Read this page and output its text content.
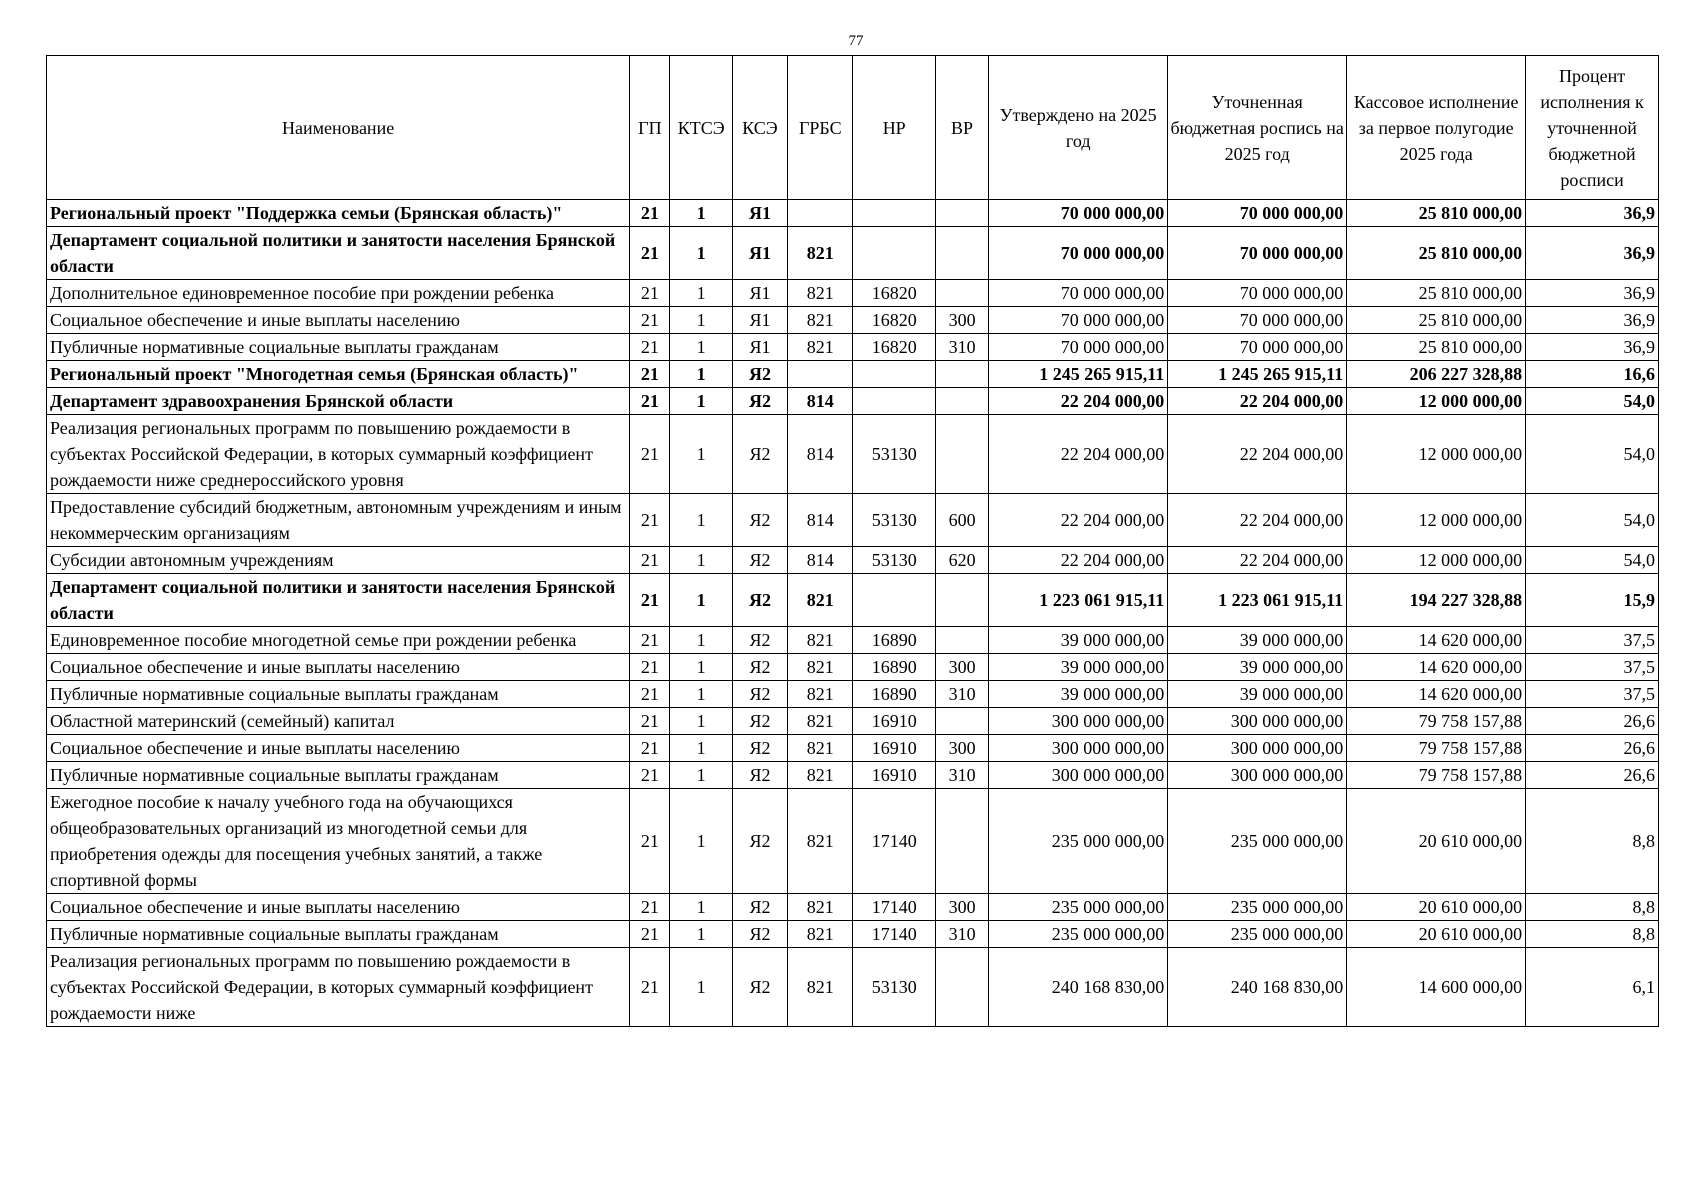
77
Наименование	ГП	КТСЭ	КСЭ	ГРБС	НР	ВР	Утверждено на 2025 год	Уточненная бюджетная роспись на 2025 год	Кассовое исполнение за первое полугодие 2025 года	Процент исполнения к уточненной бюджетной росписи
Региональный проект "Поддержка семьи (Брянская область)"	21	1	Я1				70 000 000,00	70 000 000,00	25 810 000,00	36,9
Департамент социальной политики и занятости населения Брянской области	21	1	Я1	821			70 000 000,00	70 000 000,00	25 810 000,00	36,9
Дополнительное единовременное пособие при рождении ребенка	21	1	Я1	821	16820		70 000 000,00	70 000 000,00	25 810 000,00	36,9
Социальное обеспечение и иные выплаты населению	21	1	Я1	821	16820	300	70 000 000,00	70 000 000,00	25 810 000,00	36,9
Публичные нормативные социальные выплаты гражданам	21	1	Я1	821	16820	310	70 000 000,00	70 000 000,00	25 810 000,00	36,9
Региональный проект "Многодетная семья (Брянская область)"	21	1	Я2				1 245 265 915,11	1 245 265 915,11	206 227 328,88	16,6
Департамент здравоохранения Брянской области	21	1	Я2	814			22 204 000,00	22 204 000,00	12 000 000,00	54,0
Реализация региональных программ по повышению рождаемости в субъектах Российской Федерации, в которых суммарный коэффициент рождаемости ниже среднероссийского уровня	21	1	Я2	814	53130		22 204 000,00	22 204 000,00	12 000 000,00	54,0
Предоставление субсидий бюджетным, автономным учреждениям и иным некоммерческим организациям	21	1	Я2	814	53130	600	22 204 000,00	22 204 000,00	12 000 000,00	54,0
Субсидии автономным учреждениям	21	1	Я2	814	53130	620	22 204 000,00	22 204 000,00	12 000 000,00	54,0
Департамент социальной политики и занятости населения Брянской области	21	1	Я2	821			1 223 061 915,11	1 223 061 915,11	194 227 328,88	15,9
Единовременное пособие многодетной семье при рождении ребенка	21	1	Я2	821	16890		39 000 000,00	39 000 000,00	14 620 000,00	37,5
Социальное обеспечение и иные выплаты населению	21	1	Я2	821	16890	300	39 000 000,00	39 000 000,00	14 620 000,00	37,5
Публичные нормативные социальные выплаты гражданам	21	1	Я2	821	16890	310	39 000 000,00	39 000 000,00	14 620 000,00	37,5
Областной материнский (семейный) капитал	21	1	Я2	821	16910		300 000 000,00	300 000 000,00	79 758 157,88	26,6
Социальное обеспечение и иные выплаты населению	21	1	Я2	821	16910	300	300 000 000,00	300 000 000,00	79 758 157,88	26,6
Публичные нормативные социальные выплаты гражданам	21	1	Я2	821	16910	310	300 000 000,00	300 000 000,00	79 758 157,88	26,6
Ежегодное пособие к началу учебного года на обучающихся общеобразовательных организаций из многодетной семьи для приобретения одежды для посещения учебных занятий, а также спортивной формы	21	1	Я2	821	17140		235 000 000,00	235 000 000,00	20 610 000,00	8,8
Социальное обеспечение и иные выплаты населению	21	1	Я2	821	17140	300	235 000 000,00	235 000 000,00	20 610 000,00	8,8
Публичные нормативные социальные выплаты гражданам	21	1	Я2	821	17140	310	235 000 000,00	235 000 000,00	20 610 000,00	8,8
Реализация региональных программ по повышению рождаемости в субъектах Российской Федерации, в которых суммарный коэффициент рождаемости ниже	21	1	Я2	821	53130		240 168 830,00	240 168 830,00	14 600 000,00	6,1
